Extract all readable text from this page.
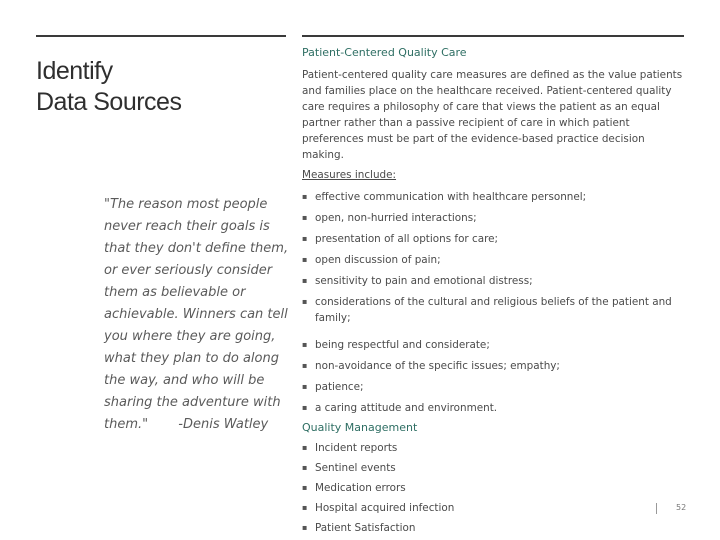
Identify
Data Sources
"The reason most people never reach their goals is that they don't define them, or ever seriously consider them as believable or achievable. Winners can tell you where they are going, what they plan to do along the way, and who will be sharing the adventure with them." -Denis Watley

Patient-Centered Quality Care

Patient-centered quality care measures are defined as the value patients and families place on the healthcare received. Patient-centered quality care requires a philosophy of care that views the patient as an equal partner rather than a passive recipient of care in which patient preferences must be part of the evidence-based practice decision making.

Measures include:

▪ effective communication with healthcare personnel;
▪ open, non-hurried interactions;
▪ presentation of all options for care;
▪ open discussion of pain;
▪ sensitivity to pain and emotional distress;
▪ considerations of the cultural and religious beliefs of the patient and family;
▪ being respectful and considerate;
▪ non-avoidance of the specific issues; empathy;
▪ patience;
▪ a caring attitude and environment.

Quality Management

▪ Incident reports
▪ Sentinel events
▪ Medication errors
▪ Hospital acquired infection
▪ Patient Satisfaction
52
